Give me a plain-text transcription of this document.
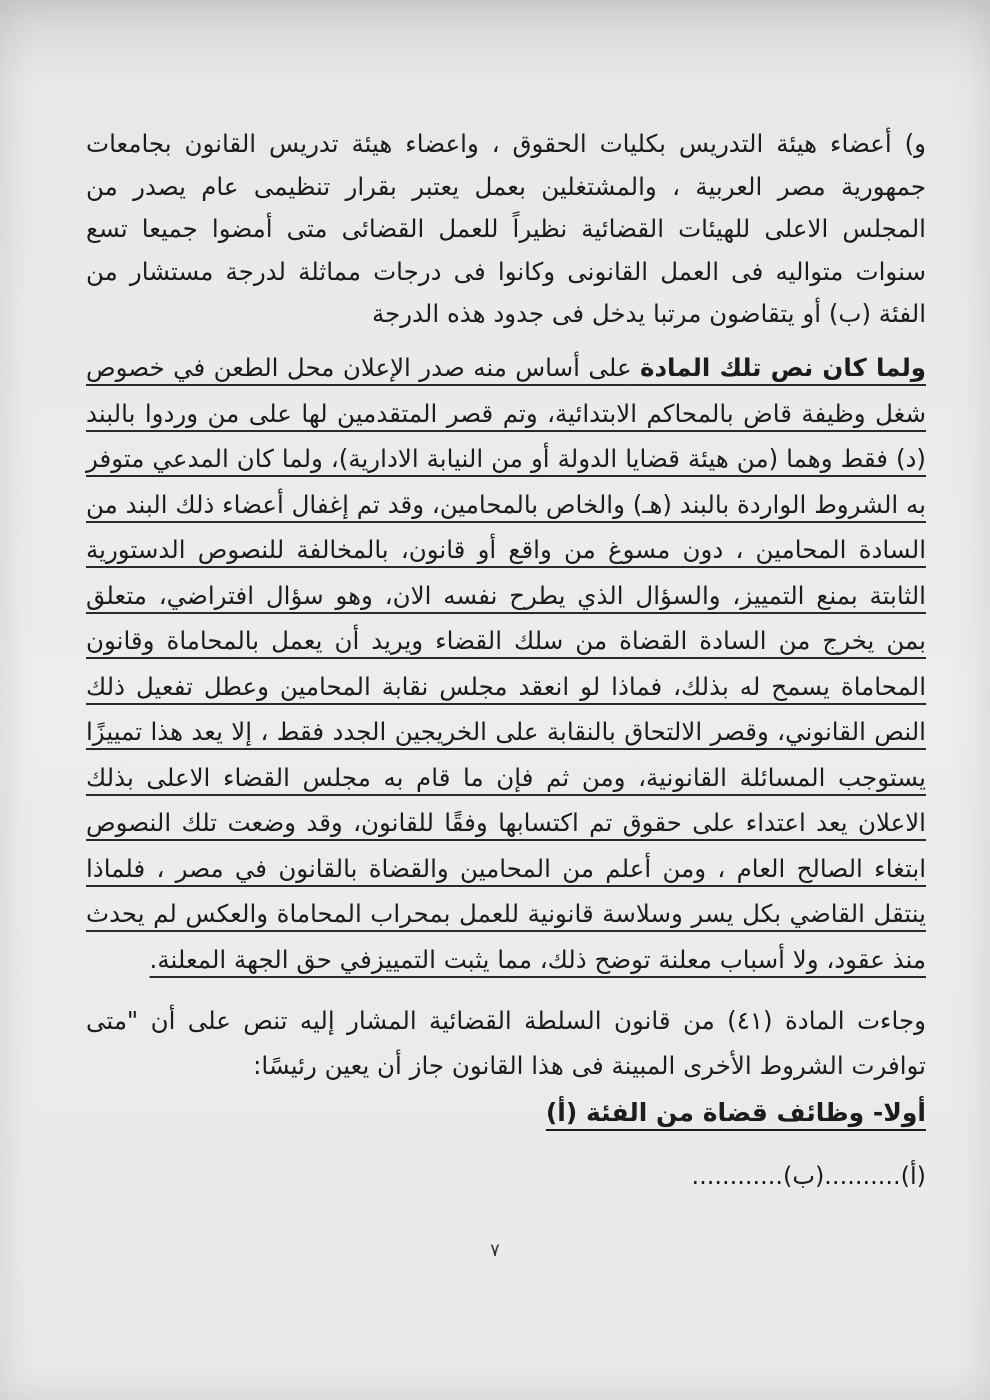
و) أعضاء هيئة التدريس بكليات الحقوق ، واعضاء هيئة تدريس القانون بجامعات جمهورية مصر العربية ، والمشتغلين بعمل يعتبر بقرار تنظيمى عام يصدر من المجلس الاعلى للهيئات القضائية نظيراً للعمل القضائى متى أمضوا جميعا تسع سنوات متواليه فى العمل القانونى وكانوا فى درجات مماثلة لدرجة مستشار من الفئة (ب) أو يتقاضون مرتبا يدخل فى جدود هذه الدرجة

ولما كان نص تلك المادة على أساس منه صدر الإعلان محل الطعن في خصوص شغل وظيفة قاض بالمحاكم الابتدائية، وتم قصر المتقدمين لها على من وردوا بالبند (د) فقط وهما (من هيئة قضايا الدولة أو من النيابة الادارية)، ولما كان المدعي متوفر به الشروط الواردة بالبند (هـ) والخاص بالمحامين، وقد تم إغفال أعضاء ذلك البند من السادة المحامين ، دون مسوغ من واقع أو قانون، بالمخالفة للنصوص الدستورية الثابتة بمنع التمييز، والسؤال الذي يطرح نفسه الان، وهو سؤال افتراضي، متعلق بمن يخرج من السادة القضاة من سلك القضاء ويريد أن يعمل بالمحاماة وقانون المحاماة يسمح له بذلك، فماذا لو انعقد مجلس نقابة المحامين وعطل تفعيل ذلك النص القانوني، وقصر الالتحاق بالنقابة على الخريجين الجدد فقط ، إلا يعد هذا تمييزًا يستوجب المسائلة القانونية، ومن ثم فإن ما قام به مجلس القضاء الاعلى بذلك الاعلان يعد اعتداء على حقوق تم اكتسابها وفقًا للقانون، وقد وضعت تلك النصوص ابتغاء الصالح العام ، ومن أعلم من المحامين والقضاة بالقانون في مصر ، فلماذا ينتقل القاضي بكل يسر وسلاسة قانونية للعمل بمحراب المحاماة والعكس لم يحدث منذ عقود، ولا أسباب معلنة توضح ذلك، مما يثبت التمييزفي حق الجهة المعلنة.

وجاءت المادة (٤١) من قانون السلطة القضائية المشار إليه تنص على أن "متى توافرت الشروط الأخرى المبينة فى هذا القانون جاز أن يعين رئيسًا:

أولا- وظائف قضاة من الفئة (أ)
(أ)..........(ب)............
٧
